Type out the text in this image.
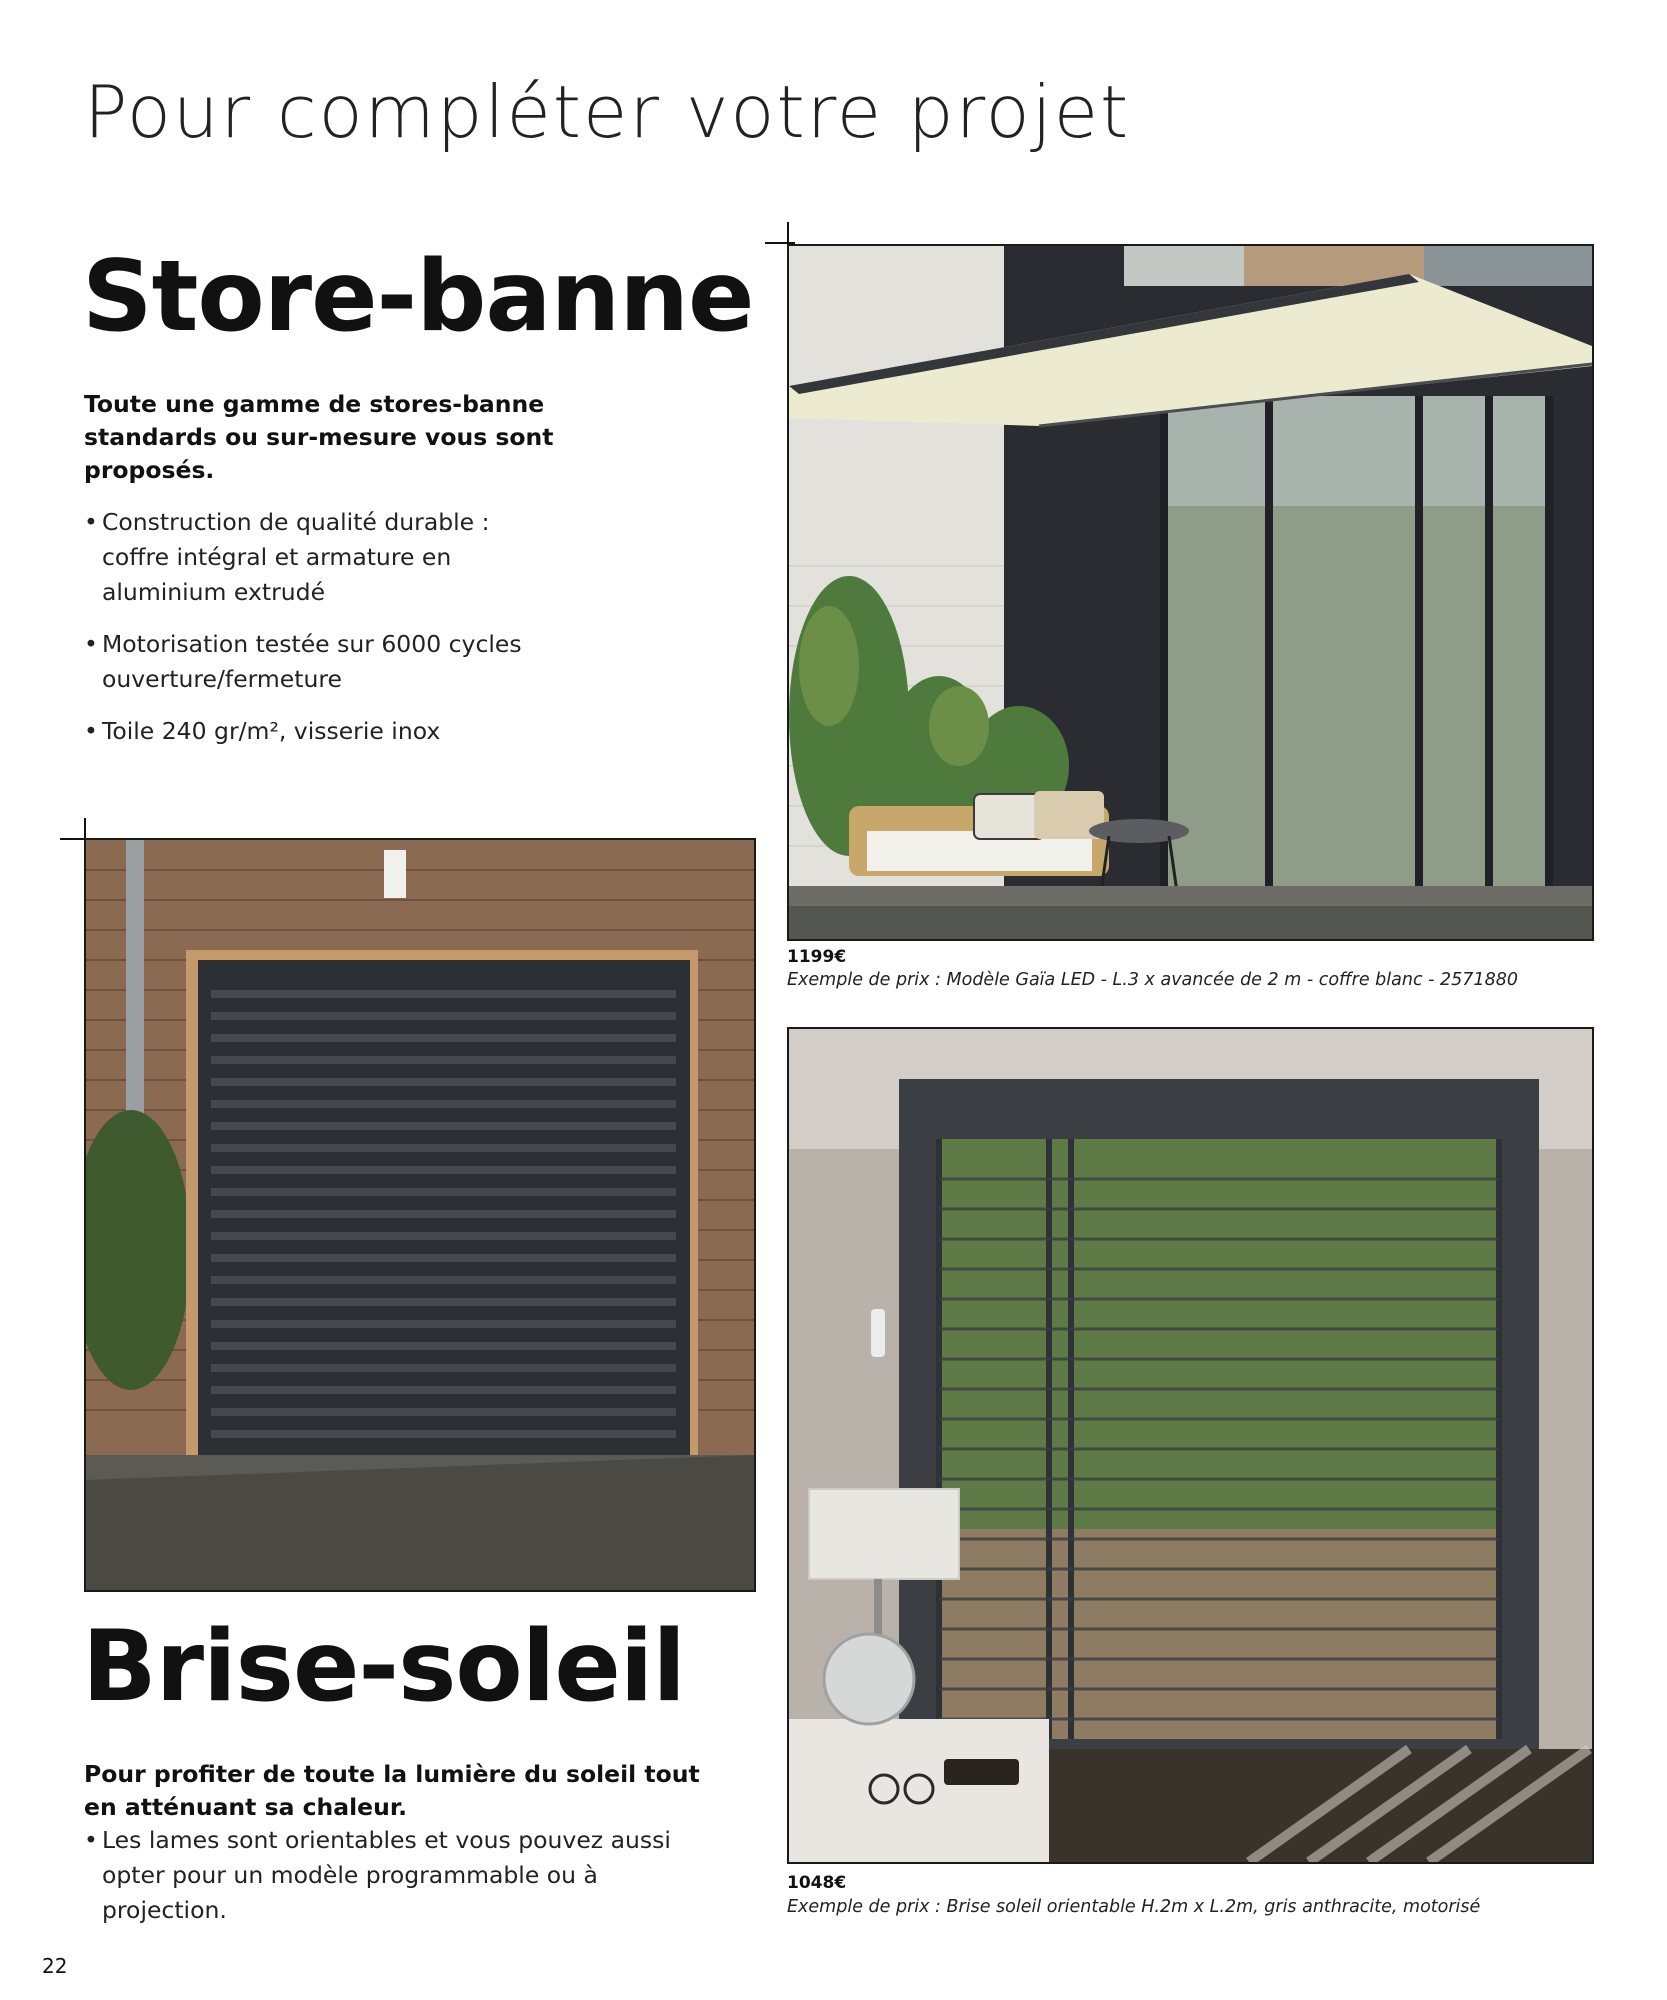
Pour compléter votre projet
Store-banne

Toute une gamme de stores-banne standards ou sur-mesure vous sont proposés.

• Construction de qualité durable : coffre intégral et armature en aluminium extrudé
• Motorisation testée sur 6000 cycles ouverture/fermeture
• Toile 240 gr/m², visserie inox

1199€

Exemple de prix : Modèle Gaïa LED - L.3 x avancée de 2 m - coffre blanc - 2571880

Brise-soleil

Pour profiter de toute la lumière du soleil tout en atténuant sa chaleur.

• Les lames sont orientables et vous pouvez aussi opter pour un modèle programmable ou à projection.

1048€

Exemple de prix : Brise soleil orientable H.2m x L.2m, gris anthracite, motorisé

22
